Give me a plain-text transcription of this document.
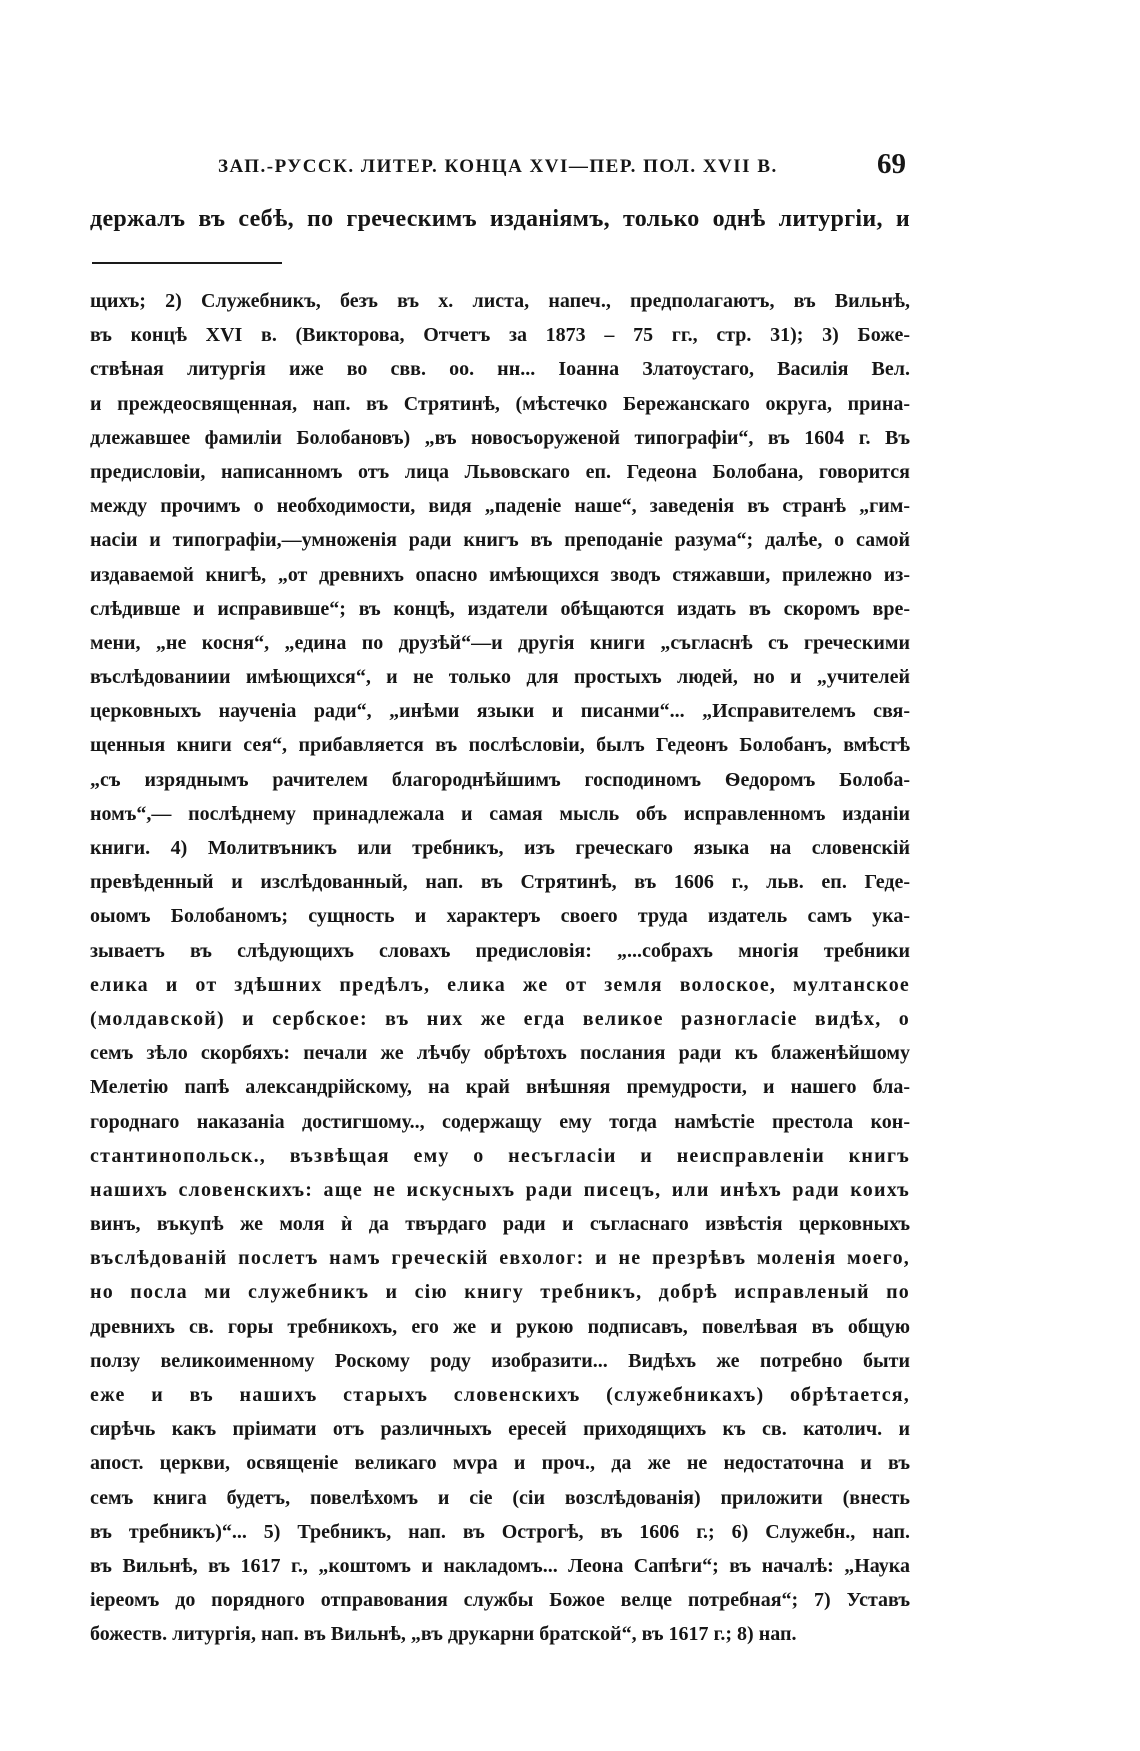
ЗАП.-РУССК. ЛИТЕР. КОНЦА XVI—ПЕР. ПОЛ. XVII В.	69
держалъ въ себѣ, по греческимъ изданіямъ, только однѣ литургіи, и
щихъ; 2) Служебникъ, безъ въ х. листа, напеч., предполагаютъ, въ Вильнѣ,
въ концѣ XVI в. (Викторова, Отчетъ за 1873 – 75 гг., стр. 31); 3) Боже-
ствѣная литургія иже во свв. оо. нн... Іоанна Златоустаго, Василія Вел.
и преждеосвященная, нап. въ Стрятинѣ, (мѣстечко Бережанскаго округа, прина-
длежавшее фамиліи Болобановъ) „въ новосъоруженой типографіи“, въ 1604 г. Въ
предисловіи, написанномъ отъ лица Львовскаго еп. Гедеона Болобана, говорится
между прочимъ о необходимости, видя „паденіе наше“, заведенія въ странѣ „гим-
насіи и типографіи,—умноженія ради книгъ въ преподаніе разума“; далѣе, о самой
издаваемой книгѣ, „от древнихъ опасно имѣющихся зводъ стяжавши, прилежно из-
слѣдивше и исправивше“; въ концѣ, издатели обѣщаются издать въ скоромъ вре-
мени, „не косня“, „едина по друзѣй“—и другія книги „съгласнѣ съ греческими
въслѣдованиии имѣющихся“, и не только для простыхъ людей, но и „учителей
церковныхъ наученіа ради“, „инѣми языки и писанми“... „Исправителемъ свя-
щенныя книги сея“, прибавляется въ послѣсловіи, былъ Гедеонъ Болобанъ, вмѣстѣ
„съ изряднымъ рачителем благороднѣйшимъ господиномъ Ѳедоромъ Болоба-
номъ“,— послѣднему принадлежала и самая мысль объ исправленномъ изданіи
книги. 4) Молитвъникъ или требникъ, изъ греческаго языка на словенскій
превѣденный и изслѣдованный, нап. въ Стрятинѣ, въ 1606 г., льв. еп. Геде-
оыомъ Болобаномъ; сущность и характеръ своего труда издатель самъ ука-
зываетъ въ слѣдующихъ словахъ предисловія: „...собрахъ многія требники
елика и от здѣшних предѣлъ, елика же от земля волоское, мултанское
(молдавской) и сербское: въ них же егда великое разногласіе видѣх, о
семъ зѣло скорбяхъ: печали же лѣчбу обрѣтохъ послания ради къ блаженѣйшому
Мелетію папѣ александрійскому, на край внѣшняя премудрости, и нашего бла-
городнаго наказаніа достигшому.., содержащу ему тогда намѣстіе престола кон-
стантинопольск., възвѣщая ему о несъгласіи и неисправленіи книгъ
нашихъ словенскихъ: аще не искусныхъ ради писецъ, или инѣхъ ради коихъ
винъ, въкупѣ же моля ѝ да твърдаго ради и съгласнаго извѣстія церковныхъ
въслѣдованій послетъ намъ греческій евхолог: и не презрѣвъ моленія моего,
но посла ми служебникъ и сію книгу требникъ, добрѣ исправленый по
древнихъ св. горы требникохъ, его же и рукою подписавъ, повелѣвая въ общую
ползу великоименному Роскому роду изобразити... Видѣхъ же потребно быти
еже и въ нашихъ старыхъ словенскихъ (служебникахъ) обрѣтается,
сирѣчь какъ пріимати отъ различныхъ ересей приходящихъ къ св. католич. и
апост. церкви, освященіе великаго мvра и проч., да же не недостаточна и въ
семъ книга будетъ, повелѣхомъ и сіе (сіи возслѣдованія) приложити (внесть
въ требникъ)“... 5) Требникъ, нап. въ Острогѣ, въ 1606 г.; 6) Служебн., нап.
въ Вильнѣ, въ 1617 г., „коштомъ и накладомъ... Леона Сапѣги“; въ началѣ: „Наука
іереомъ до порядного отправования службы Божое велце потребная“; 7) Уставъ
божеств. литургія, нап. въ Вильнѣ, „въ друкарни братской“, въ 1617 г.; 8) нап.
